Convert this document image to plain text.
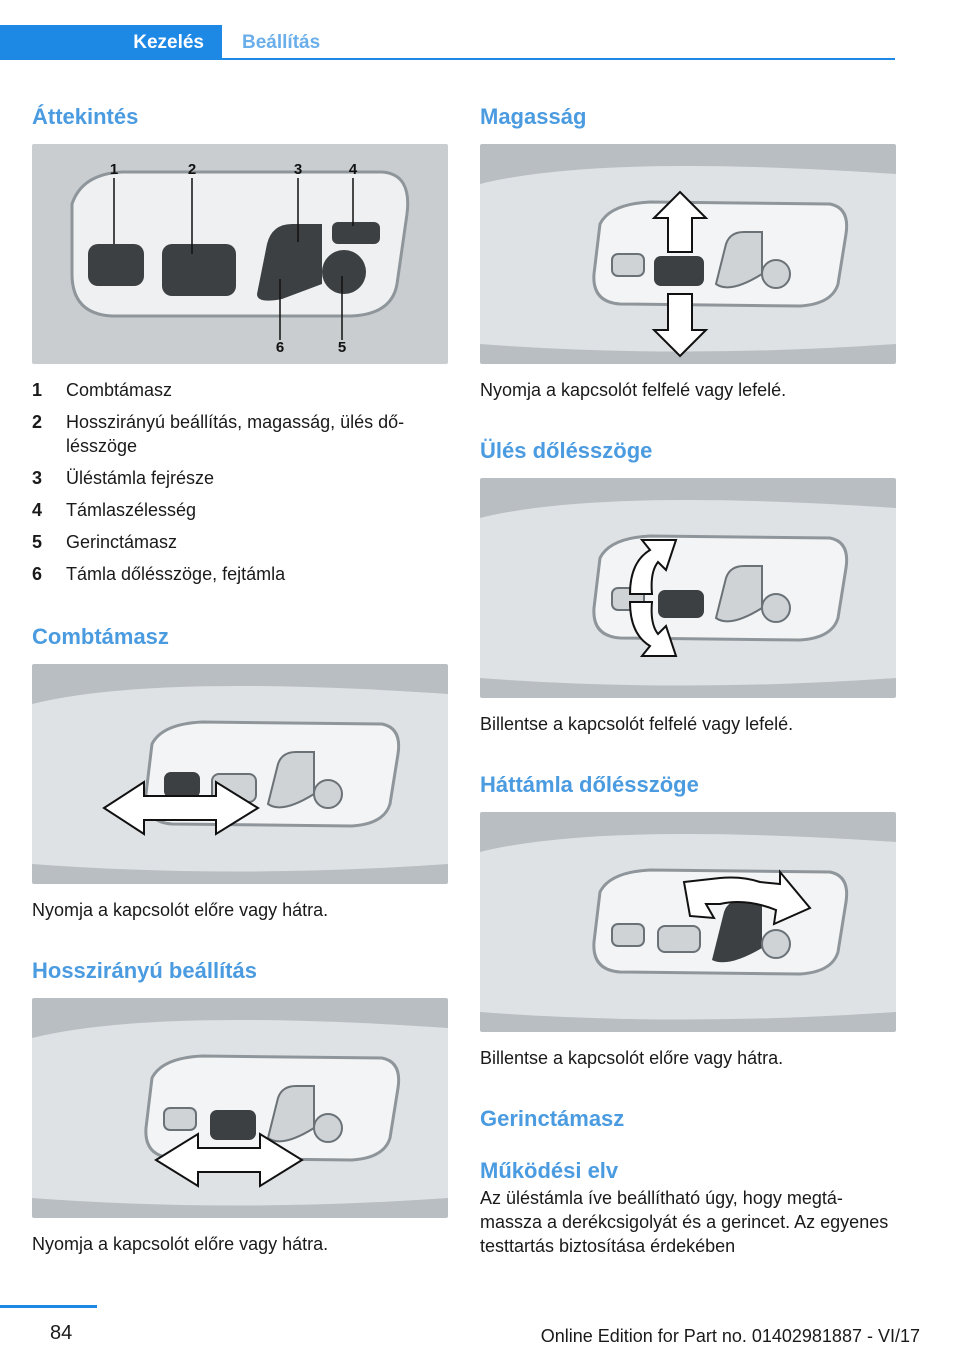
Kezelés	Beállítás
Áttekintés
1	2	3	4
5
6
1	Combtámasz
2	Hosszirányú beállítás, magasság, ülés dő‐lésszöge
3	Üléstámla fejrésze
4	Támlaszélesség
5	Gerinctámasz
6	Támla dőlésszöge, fejtámla
Combtámasz

Nyomja a kapcsolót előre vagy hátra.

Hosszirányú beállítás

Nyomja a kapcsolót előre vagy hátra.

Magasság

Nyomja a kapcsolót felfelé vagy lefelé.

Ülés dőlésszöge

Billentse a kapcsolót felfelé vagy lefelé.

Háttámla dőlésszöge

Billentse a kapcsolót előre vagy hátra.

Gerinctámasz
Működési elv

Az üléstámla íve beállítható úgy, hogy megtá‐massza a derékcsigolyát és a gerincet. Az egyenes testtartás biztosítása érdekében

84	Online Edition for Part no. 01402981887 - VI/17
